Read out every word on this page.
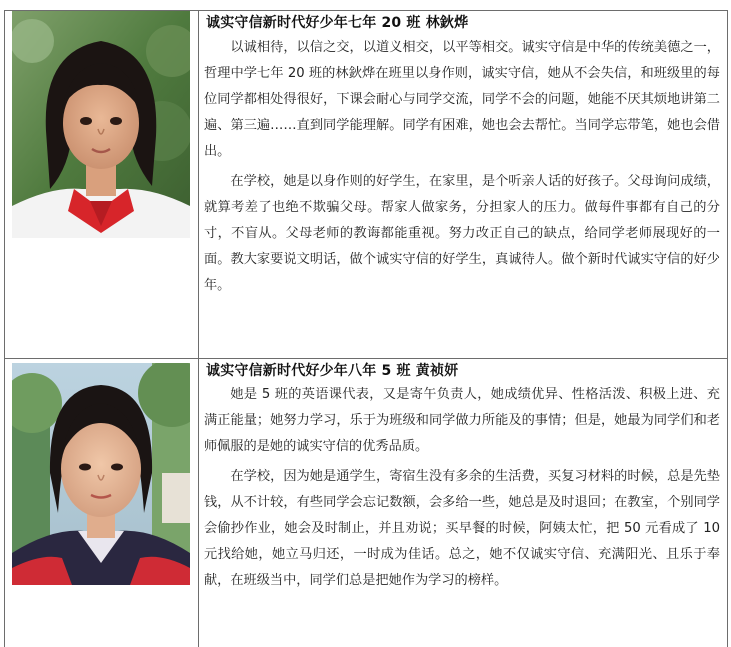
诚实守信新时代好少年七年 20 班 林鈥烨

以诚相待，以信之交，以道义相交，以平等相交。诚实守信是中华的传统美德之一，哲理中学七年 20 班的林鈥烨在班里以身作则，诚实守信，她从不会失信，和班级里的每位同学都相处得很好，下课会耐心与同学交流，同学不会的问题，她能不厌其烦地讲第二遍、第三遍……直到同学能理解。同学有困难，她也会去帮忙。当同学忘带笔，她也会借出。

在学校，她是以身作则的好学生，在家里，是个听亲人话的好孩子。父母询问成绩，就算考差了也绝不欺骗父母。帮家人做家务，分担家人的压力。做每件事都有自己的分寸，不盲从。父母老师的教诲都能重视。努力改正自己的缺点，给同学老师展现好的一面。教大家要说文明话，做个诚实守信的好学生，真诚待人。做个新时代诚实守信的好少年。

诚实守信新时代好少年八年 5 班 黄祯妍

她是 5 班的英语课代表，又是寄午负责人，她成绩优异、性格活泼、积极上进、充满正能量；她努力学习，乐于为班级和同学做力所能及的事情；但是，她最为同学们和老师佩服的是她的诚实守信的优秀品质。

在学校，因为她是通学生，寄宿生没有多余的生活费，买复习材料的时候，总是先垫钱，从不计较，有些同学会忘记数额，会多给一些，她总是及时退回；在教室，个别同学会偷抄作业，她会及时制止，并且劝说；买早餐的时候，阿姨太忙，把 50 元看成了 10 元找给她，她立马归还，一时成为佳话。总之，她不仅诚实守信、充满阳光、且乐于奉献，在班级当中，同学们总是把她作为学习的榜样。
